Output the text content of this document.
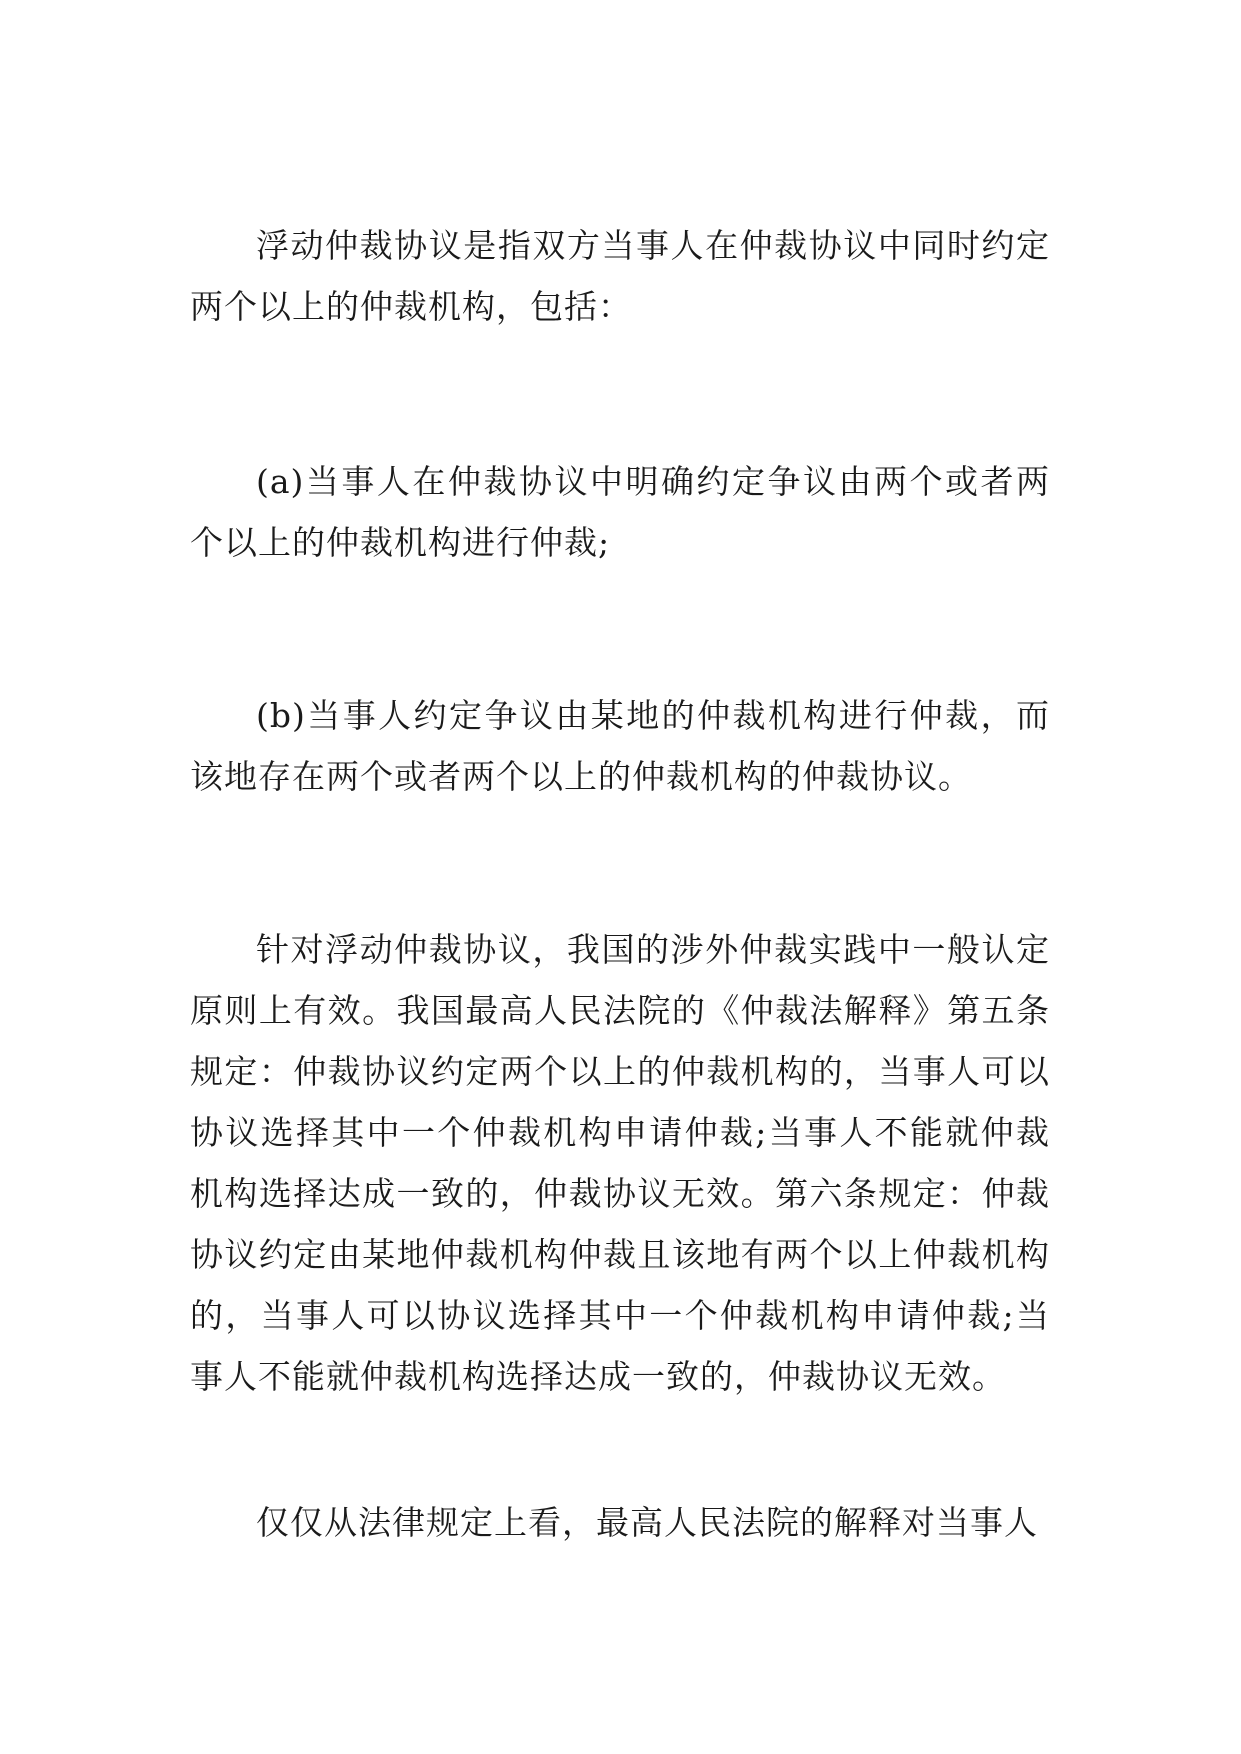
浮动仲裁协议是指双方当事人在仲裁协议中同时约定两个以上的仲裁机构，包括：

(a)当事人在仲裁协议中明确约定争议由两个或者两个以上的仲裁机构进行仲裁;

(b)当事人约定争议由某地的仲裁机构进行仲裁，而该地存在两个或者两个以上的仲裁机构的仲裁协议。

针对浮动仲裁协议，我国的涉外仲裁实践中一般认定原则上有效。我国最高人民法院的《仲裁法解释》第五条规定：仲裁协议约定两个以上的仲裁机构的，当事人可以协议选择其中一个仲裁机构申请仲裁;当事人不能就仲裁机构选择达成一致的，仲裁协议无效。第六条规定：仲裁协议约定由某地仲裁机构仲裁且该地有两个以上仲裁机构的，当事人可以协议选择其中一个仲裁机构申请仲裁;当事人不能就仲裁机构选择达成一致的，仲裁协议无效。

仅仅从法律规定上看，最高人民法院的解释对当事人
